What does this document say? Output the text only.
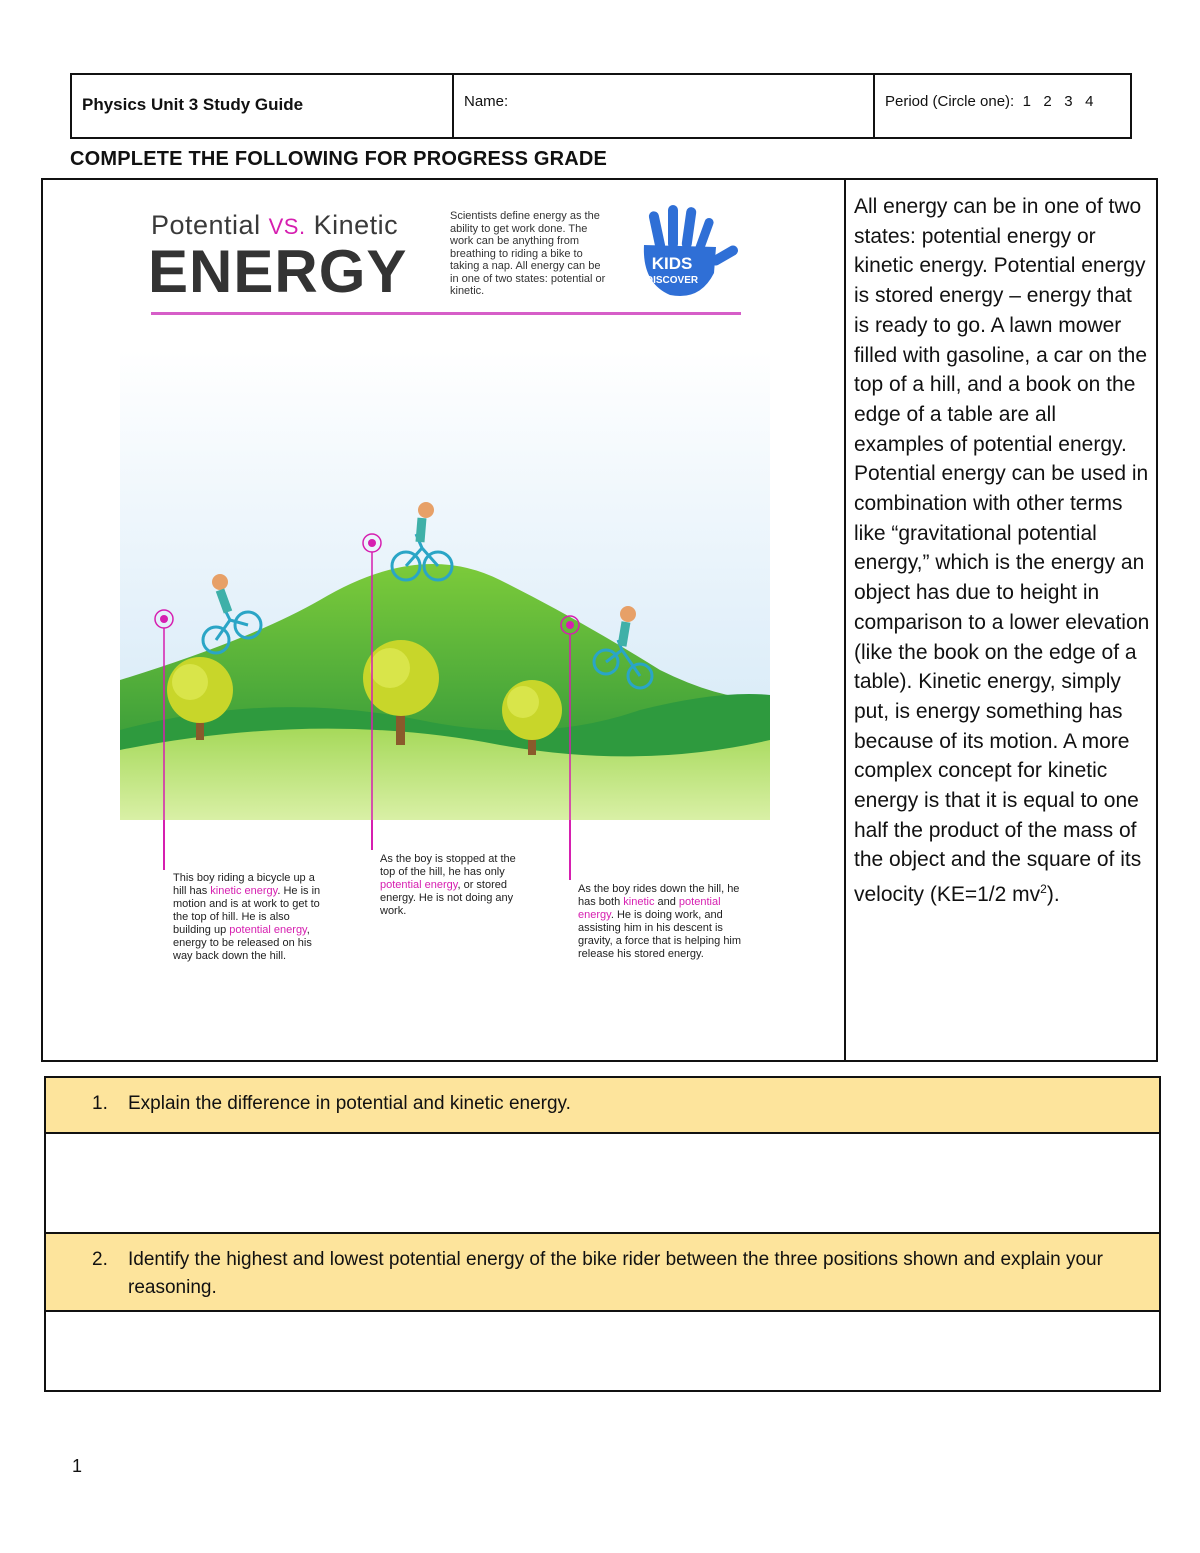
Physics Unit 3 Study Guide	Name:	Period (Circle one): 1 2 3 4
COMPLETE THE FOLLOWING FOR PROGRESS GRADE
Potential VS. Kinetic
ENERGY
Scientists define energy as the ability to get work done. The work can be anything from breathing to riding a bike to taking a nap. All energy can be in one of two states: potential or kinetic.
KIDS
DISCOVER
This boy riding a bicycle up a hill has kinetic energy. He is in motion and is at work to get to the top of hill. He is also building up potential energy, energy to be released on his way back down the hill.
As the boy is stopped at the top of the hill, he has only potential energy, or stored energy. He is not doing any work.
As the boy rides down the hill, he has both kinetic and potential energy. He is doing work, and assisting him in his descent is gravity, a force that is helping him release his stored energy.
All energy can be in one of two states: potential energy or kinetic energy. Potential energy is stored energy – energy that is ready to go. A lawn mower filled with gasoline, a car on the top of a hill, and a book on the edge of a table are all examples of potential energy. Potential energy can be used in combination with other terms like “gravitational potential energy,” which is the energy an object has due to height in comparison to a lower elevation (like the book on the edge of a table). Kinetic energy, simply put, is energy something has because of its motion. A more complex concept for kinetic energy is that it is equal to one half the product of the mass of the object and the square of its velocity (KE=1/2 $mv^2$).
1. Explain the difference in potential and kinetic energy.
2. Identify the highest and lowest potential energy of the bike rider between the three positions shown and explain your reasoning.
1
